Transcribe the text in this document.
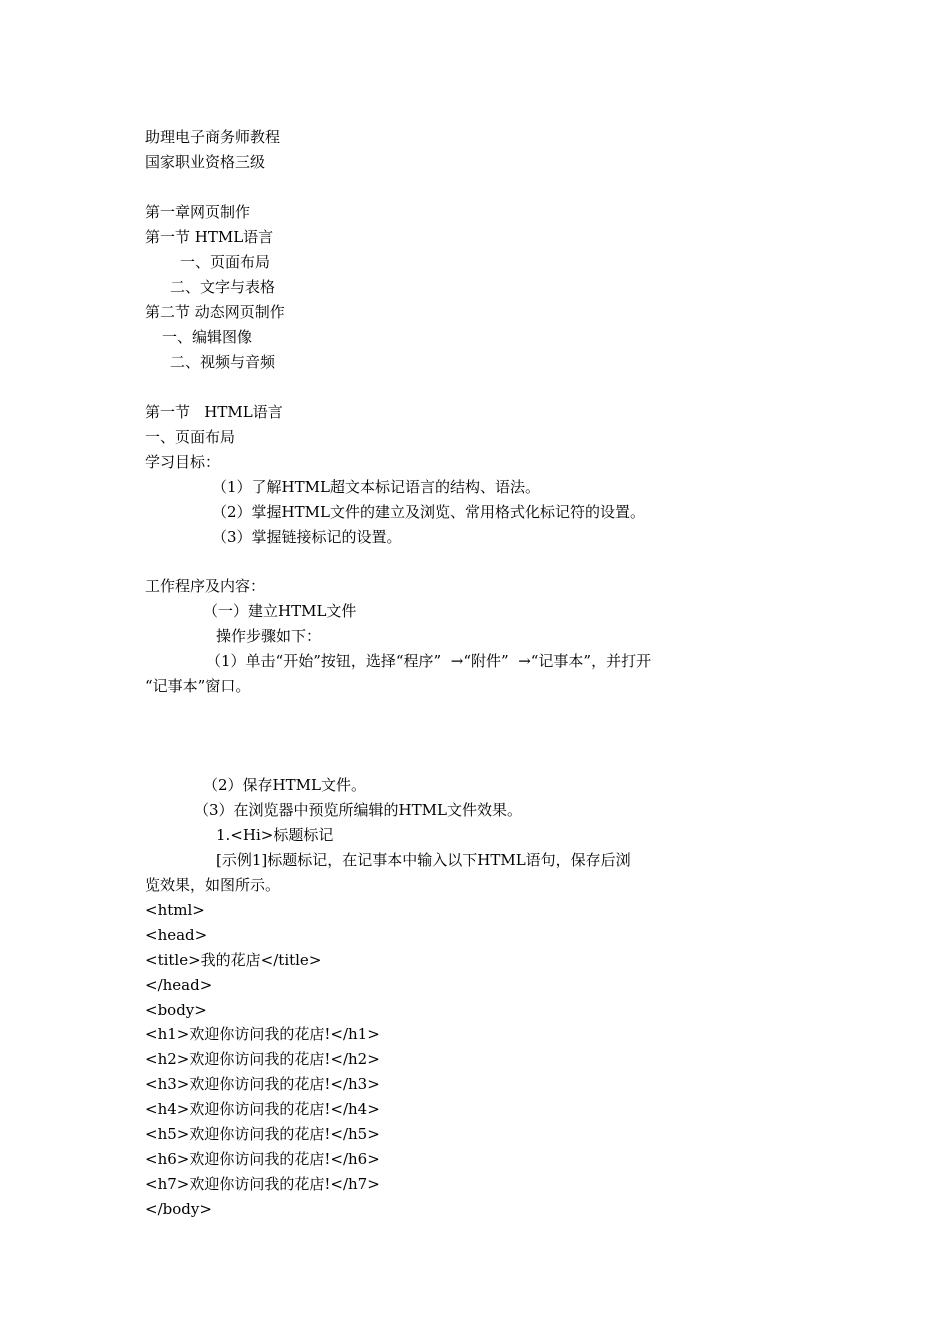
助理电子商务师教程
国家职业资格三级
第一章网页制作
第一节 HTML语言
一、页面布局
二、文字与表格
第二节 动态网页制作
一、编辑图像
二、视频与音频
第一节   HTML语言
一、页面布局
学习目标：
（1）了解HTML超文本标记语言的结构、语法。
（2）掌握HTML文件的建立及浏览、常用格式化标记符的设置。
（3）掌握链接标记的设置。
工作程序及内容：
（一）建立HTML文件
操作步骤如下：
（1）单击“开始”按钮，选择“程序”  →“附件”  →“记事本”，并打开
“记事本”窗口。
（2）保存HTML文件。
（3）在浏览器中预览所编辑的HTML文件效果。
1.<Hi>标题标记
[示例1]标题标记，在记事本中输入以下HTML语句，保存后浏
览效果，如图所示。
<html>
<head>
<title>我的花店</title>
</head>
<body>
<h1>欢迎你访问我的花店!</h1>
<h2>欢迎你访问我的花店!</h2>
<h3>欢迎你访问我的花店!</h3>
<h4>欢迎你访问我的花店!</h4>
<h5>欢迎你访问我的花店!</h5>
<h6>欢迎你访问我的花店!</h6>
<h7>欢迎你访问我的花店!</h7>
</body>
